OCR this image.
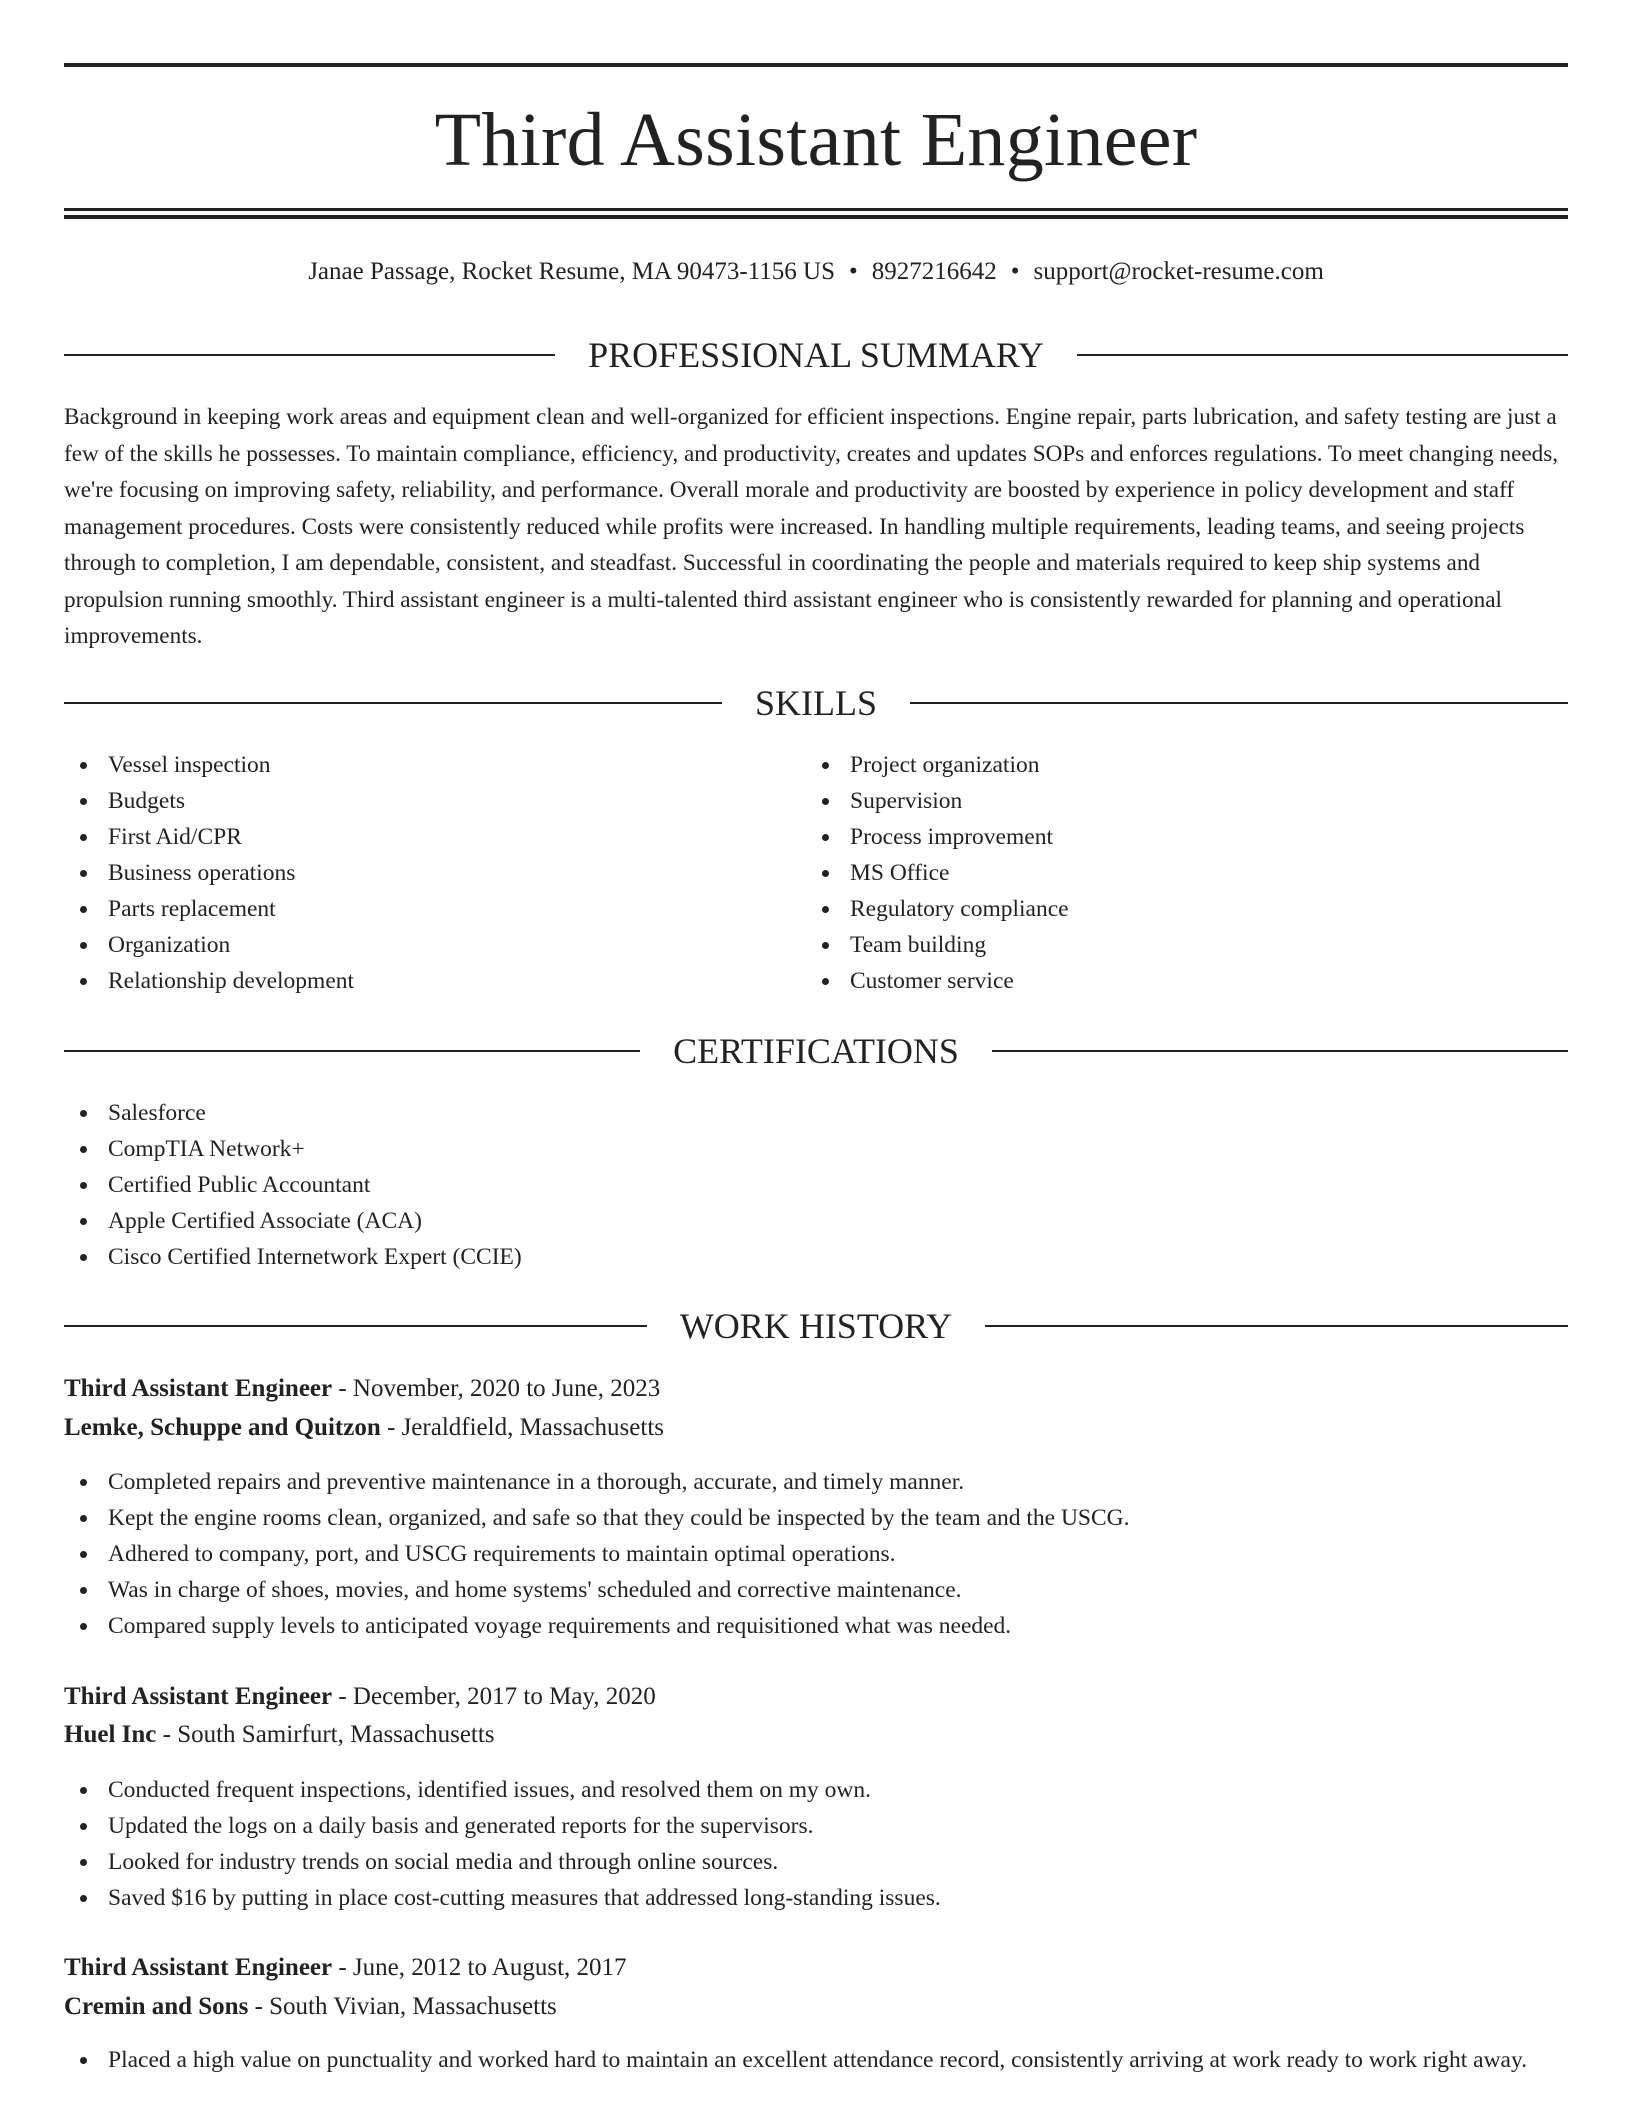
Third Assistant Engineer
Janae Passage, Rocket Resume, MA 90473-1156 US • 8927216642 • support@rocket-resume.com
PROFESSIONAL SUMMARY

Background in keeping work areas and equipment clean and well-organized for efficient inspections. Engine repair, parts lubrication, and safety testing are just a few of the skills he possesses. To maintain compliance, efficiency, and productivity, creates and updates SOPs and enforces regulations. To meet changing needs, we're focusing on improving safety, reliability, and performance. Overall morale and productivity are boosted by experience in policy development and staff management procedures. Costs were consistently reduced while profits were increased. In handling multiple requirements, leading teams, and seeing projects through to completion, I am dependable, consistent, and steadfast. Successful in coordinating the people and materials required to keep ship systems and propulsion running smoothly. Third assistant engineer is a multi-talented third assistant engineer who is consistently rewarded for planning and operational improvements.

SKILLS
Vessel inspection
Budgets
First Aid/CPR
Business operations
Parts replacement
Organization
Relationship development
Project organization
Supervision
Process improvement
MS Office
Regulatory compliance
Team building
Customer service
CERTIFICATIONS
Salesforce
CompTIA Network+
Certified Public Accountant
Apple Certified Associate (ACA)
Cisco Certified Internetwork Expert (CCIE)
WORK HISTORY
Third Assistant Engineer - November, 2020 to June, 2023
Lemke, Schuppe and Quitzon - Jeraldfield, Massachusetts
Completed repairs and preventive maintenance in a thorough, accurate, and timely manner.
Kept the engine rooms clean, organized, and safe so that they could be inspected by the team and the USCG.
Adhered to company, port, and USCG requirements to maintain optimal operations.
Was in charge of shoes, movies, and home systems' scheduled and corrective maintenance.
Compared supply levels to anticipated voyage requirements and requisitioned what was needed.
Third Assistant Engineer - December, 2017 to May, 2020
Huel Inc - South Samirfurt, Massachusetts
Conducted frequent inspections, identified issues, and resolved them on my own.
Updated the logs on a daily basis and generated reports for the supervisors.
Looked for industry trends on social media and through online sources.
Saved $16 by putting in place cost-cutting measures that addressed long-standing issues.
Third Assistant Engineer - June, 2012 to August, 2017
Cremin and Sons - South Vivian, Massachusetts
Placed a high value on punctuality and worked hard to maintain an excellent attendance record, consistently arriving at work ready to work right away.
